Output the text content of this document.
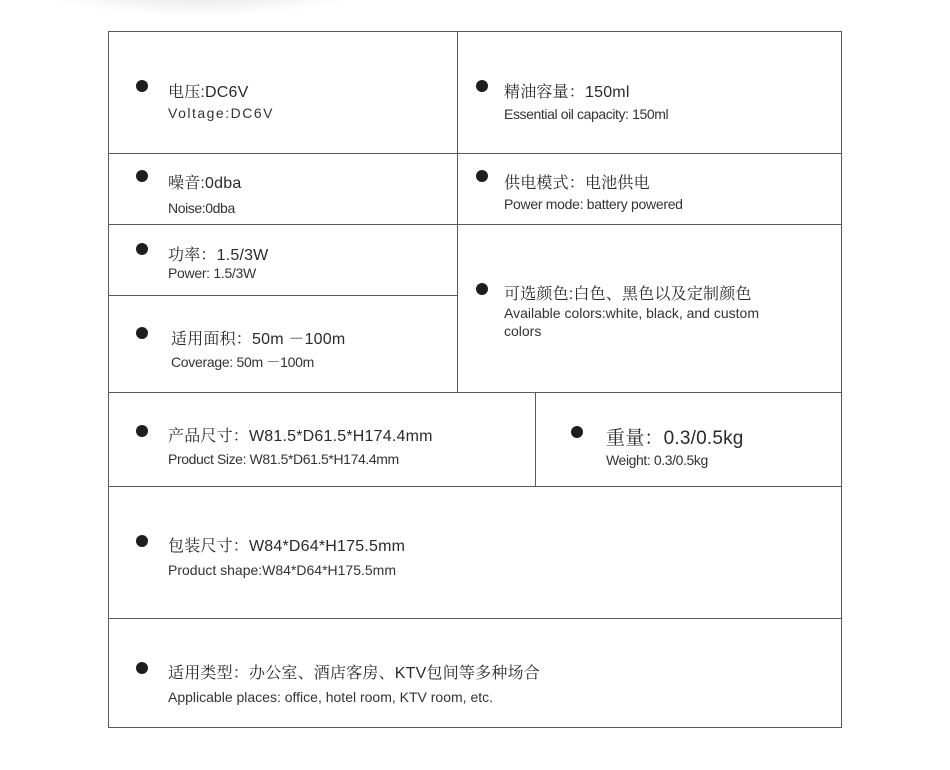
电压:DC6V
Voltage:DC6V
精油容量：150ml
Essential oil capacity: 150ml
噪音:0dba
Noise:0dba
供电模式：电池供电
Power mode: battery powered
功率：1.5/3W
Power: 1.5/3W
可选颜色:白色、黑色以及定制颜色
Available colors:white, black, and custom colors
适用面积：50m －100m
Coverage: 50m －100m
产品尺寸：W81.5*D61.5*H174.4mm
Product Size: W81.5*D61.5*H174.4mm
重量：0.3/0.5kg
Weight: 0.3/0.5kg
包装尺寸：W84*D64*H175.5mm
Product shape:W84*D64*H175.5mm
适用类型：办公室、酒店客房、KTV包间等多种场合
Applicable places: office, hotel room, KTV room, etc.
